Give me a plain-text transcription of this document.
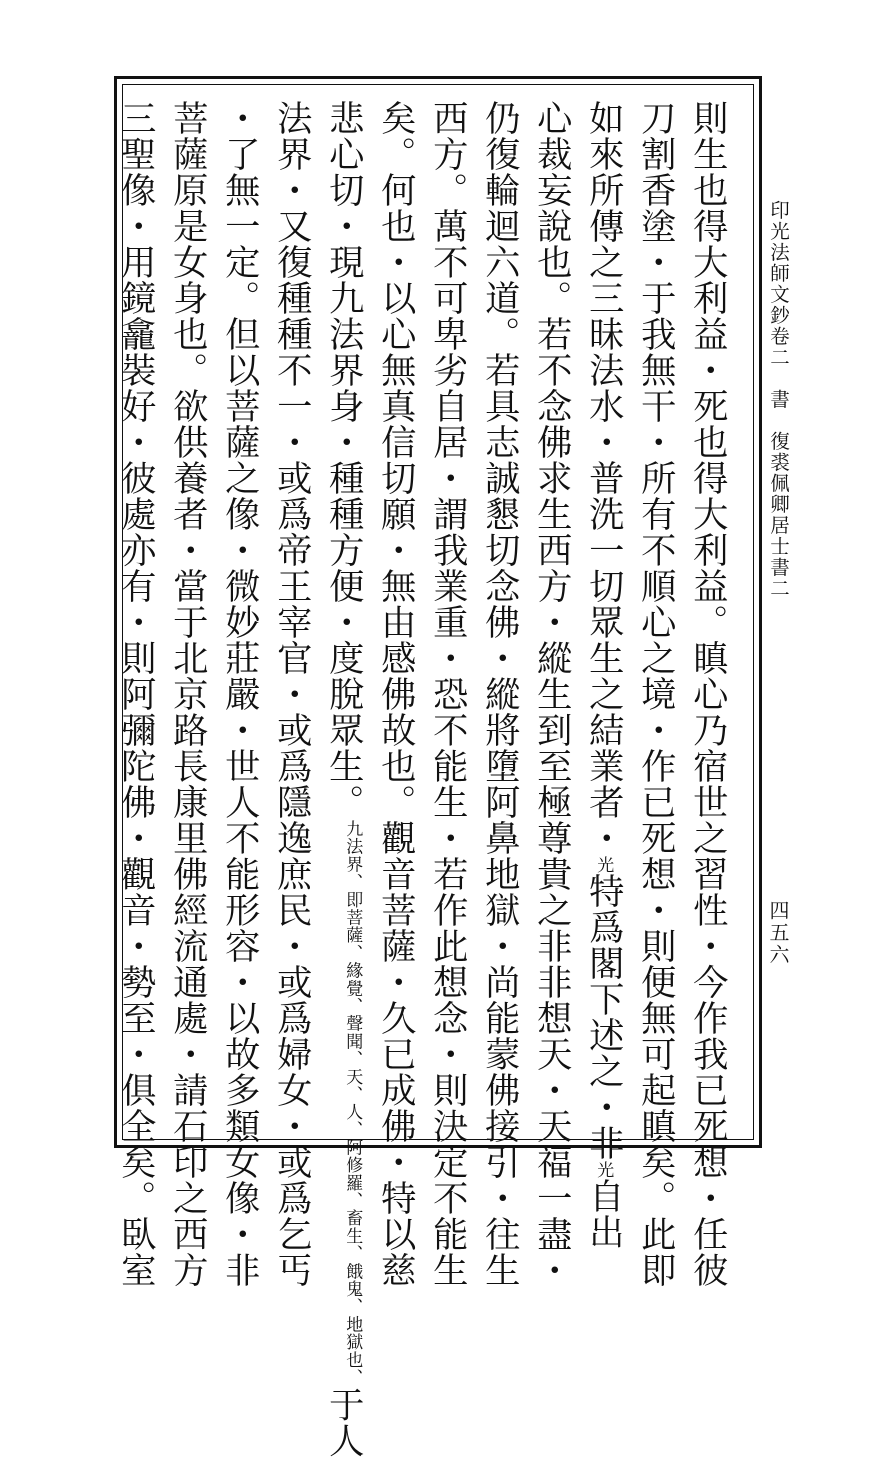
印光法師文鈔卷二　書　復裘佩卿居士書二
四五六
則生也得大利益・死也得大利益。瞋心乃宿世之習性・今作我已死想・任彼
刀割香塗・于我無干・所有不順心之境・作已死想・則便無可起瞋矣。此即
如來所傳之三昧法水・普洗一切眾生之結業者・光特爲閣下述之・非光自出
心裁妄說也。若不念佛求生西方・縱生到至極尊貴之非非想天・天福一盡・
仍復輪迴六道。若具志誠懇切念佛・縱將墮阿鼻地獄・尚能蒙佛接引・往生
西方。萬不可卑劣自居・謂我業重・恐不能生・若作此想念・則決定不能生
矣。何也・以心無真信切願・無由感佛故也。觀音菩薩・久已成佛・特以慈
悲心切・現九法界身・種種方便・度脫眾生。九法界、即菩薩、緣覺、聲聞、天、人、阿修羅、畜生、餓鬼、地獄也、于人
法界・又復種種不一・或爲帝王宰官・或爲隱逸庶民・或爲婦女・或爲乞丐
・了無一定。但以菩薩之像・微妙莊嚴・世人不能形容・以故多類女像・非
菩薩原是女身也。欲供養者・當于北京路長康里佛經流通處・請石印之西方
三聖像・用鏡龕裝好・彼處亦有・則阿彌陀佛・觀音・勢至・俱全矣。臥室
